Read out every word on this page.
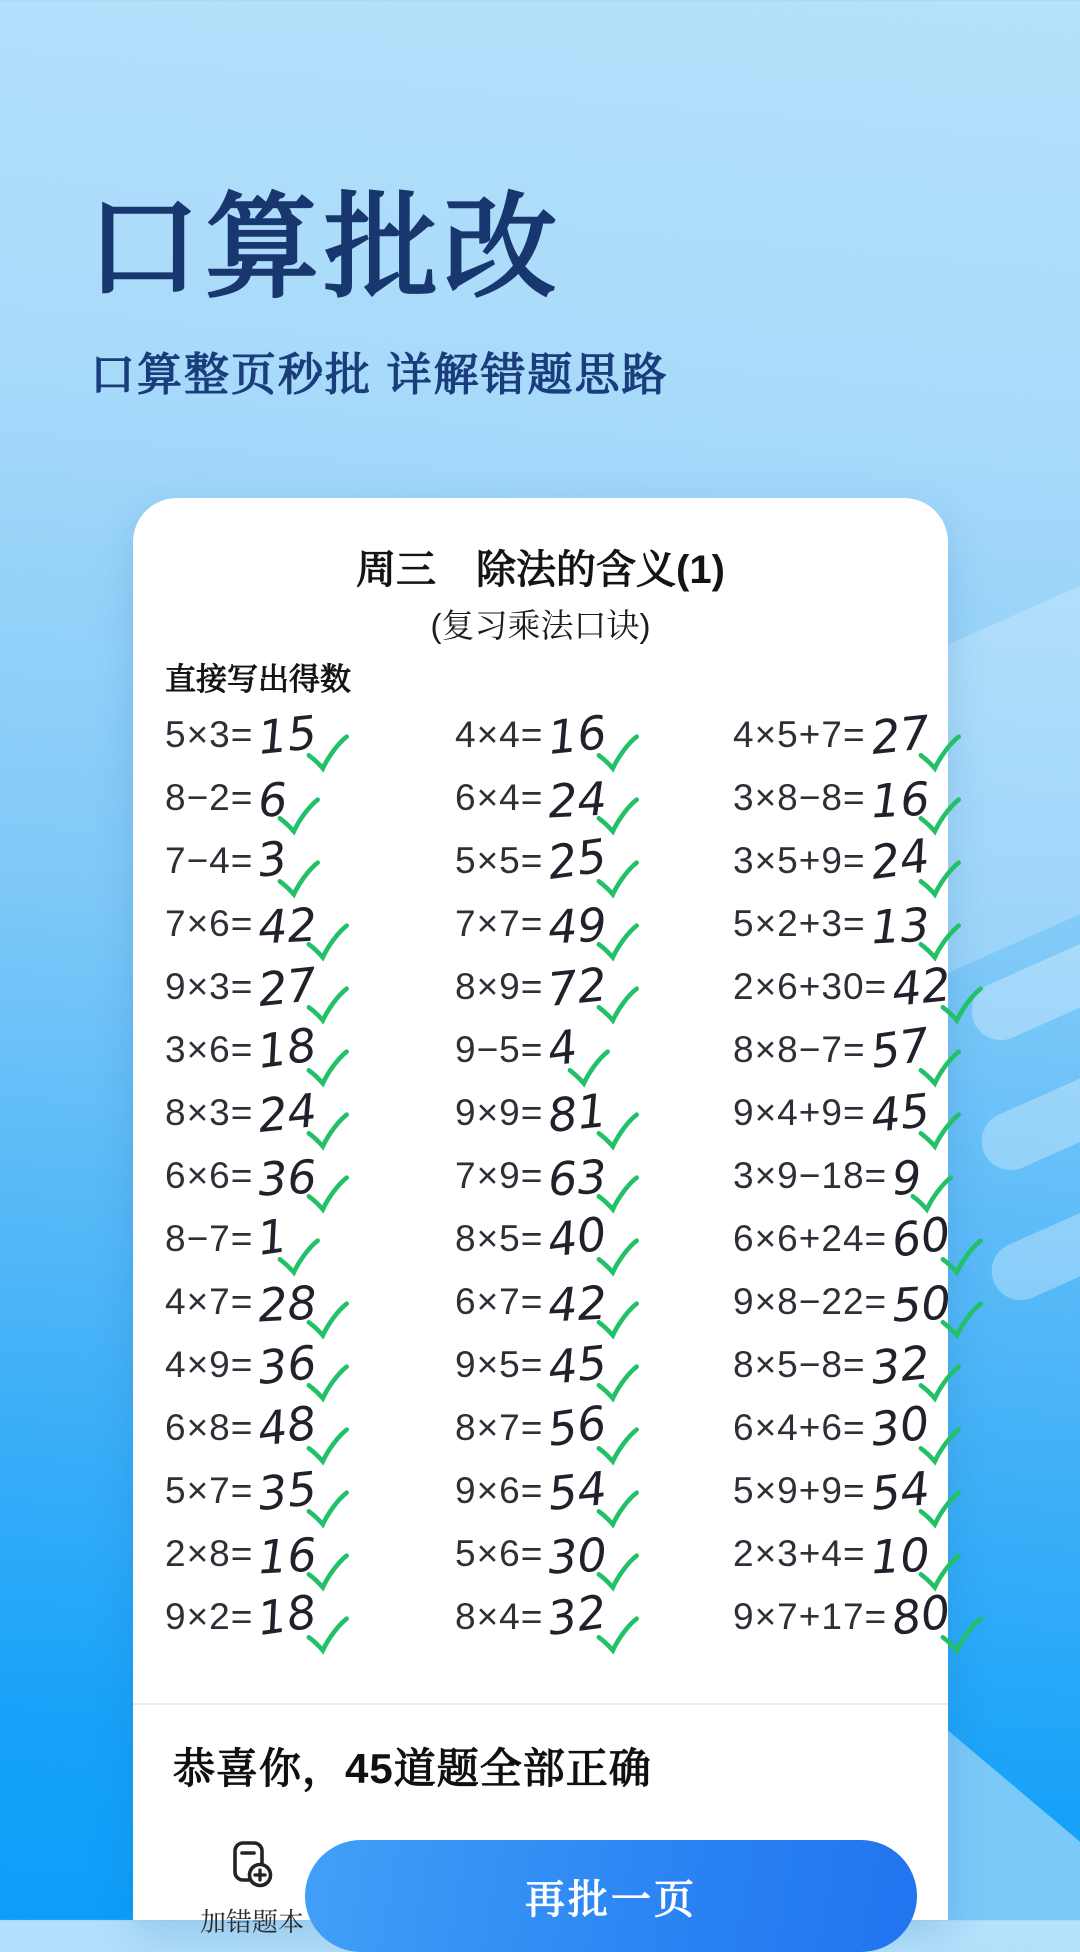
口算批改
口算整页秒批 详解错题思路
周三　除法的含义(1)
(复习乘法口诀)
直接写出得数
5×3= 15	4×4= 16	4×5+7= 27
8−2= 6	6×4= 24	3×8−8= 16
7−4= 3	5×5= 25	3×5+9= 24
7×6= 42	7×7= 49	5×2+3= 13
9×3= 27	8×9= 72	2×6+30= 42
3×6= 18	9−5= 4	8×8−7= 57
8×3= 24	9×9= 81	9×4+9= 45
6×6= 36	7×9= 63	3×9−18= 9
8−7= 1	8×5= 40	6×6+24= 60
4×7= 28	6×7= 42	9×8−22= 50
4×9= 36	9×5= 45	8×5−8= 32
6×8= 48	8×7= 56	6×4+6= 30
5×7= 35	9×6= 54	5×9+9= 54
2×8= 16	5×6= 30	2×3+4= 10
9×2= 18	8×4= 32	9×7+17= 80
恭喜你，45道题全部正确
加错题本
再批一页
